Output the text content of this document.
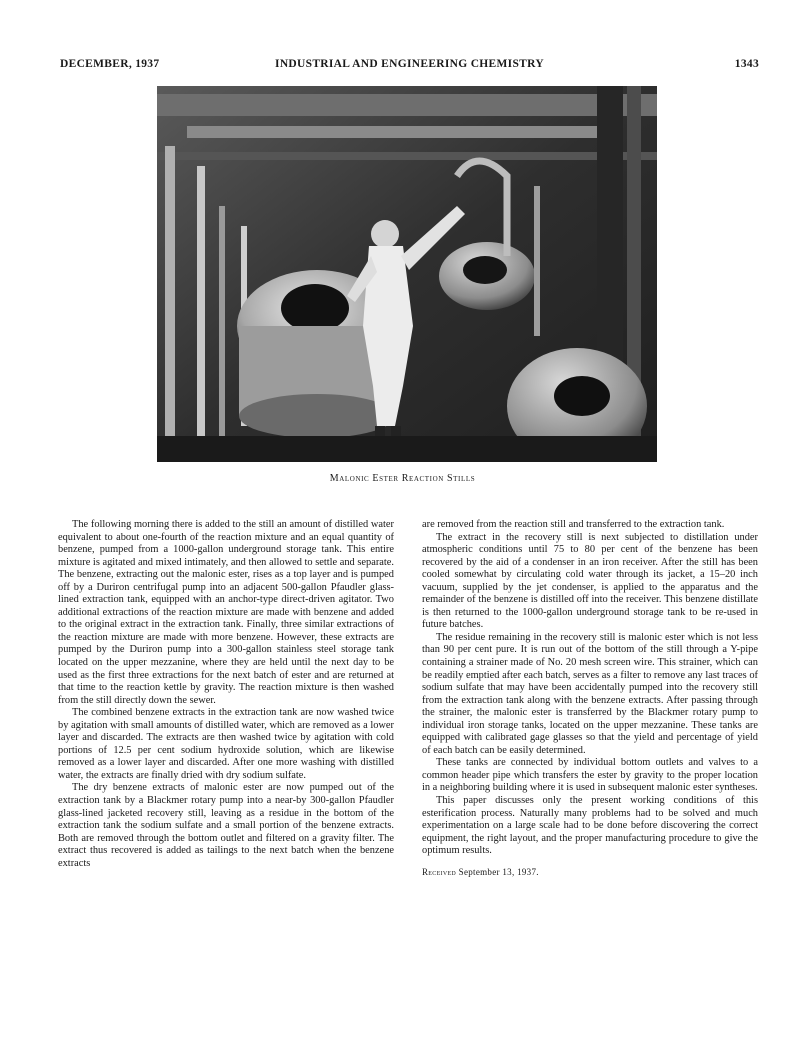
DECEMBER, 1937	INDUSTRIAL AND ENGINEERING CHEMISTRY	1343
Malonic Ester Reaction Stills

The following morning there is added to the still an amount of distilled water equivalent to about one-fourth of the reaction mixture and an equal quantity of benzene, pumped from a 1000-gallon underground storage tank. This entire mixture is agitated and mixed intimately, and then allowed to settle and separate. The benzene, extracting out the malonic ester, rises as a top layer and is pumped off by a Duriron centrifugal pump into an adjacent 500-gallon Pfaudler glass-lined extraction tank, equipped with an anchor-type direct-driven agitator. Two additional extractions of the reaction mixture are made with benzene and added to the original extract in the extraction tank. Finally, three similar extractions of the reaction mixture are made with more benzene. However, these extracts are pumped by the Duriron pump into a 300-gallon stainless steel storage tank located on the upper mezzanine, where they are held until the next day to be used as the first three extractions for the next batch of ester and are returned at that time to the reaction kettle by gravity. The reaction mixture is then washed from the still directly down the sewer.

The combined benzene extracts in the extraction tank are now washed twice by agitation with small amounts of distilled water, which are removed as a lower layer and discarded. The extracts are then washed twice by agitation with cold portions of 12.5 per cent sodium hydroxide solution, which are likewise removed as a lower layer and discarded. After one more washing with distilled water, the extracts are finally dried with dry sodium sulfate.

The dry benzene extracts of malonic ester are now pumped out of the extraction tank by a Blackmer rotary pump into a near-by 300-gallon Pfaudler glass-lined jacketed recovery still, leaving as a residue in the bottom of the extraction tank the sodium sulfate and a small portion of the benzene extracts. Both are removed through the bottom outlet and filtered on a gravity filter. The extract thus recovered is added as tailings to the next batch when the benzene extracts

are removed from the reaction still and transferred to the extraction tank.

The extract in the recovery still is next subjected to distillation under atmospheric conditions until 75 to 80 per cent of the benzene has been recovered by the aid of a condenser in an iron receiver. After the still has been cooled somewhat by circulating cold water through its jacket, a 15–20 inch vacuum, supplied by the jet condenser, is applied to the apparatus and the remainder of the benzene is distilled off into the receiver. This benzene distillate is then returned to the 1000-gallon underground storage tank to be re-used in future batches.

The residue remaining in the recovery still is malonic ester which is not less than 90 per cent pure. It is run out of the bottom of the still through a Y-pipe containing a strainer made of No. 20 mesh screen wire. This strainer, which can be readily emptied after each batch, serves as a filter to remove any last traces of sodium sulfate that may have been accidentally pumped into the recovery still from the extraction tank along with the benzene extracts. After passing through the strainer, the malonic ester is transferred by the Blackmer rotary pump to individual iron storage tanks, located on the upper mezzanine. These tanks are equipped with calibrated gage glasses so that the yield and percentage of yield of each batch can be easily determined.

These tanks are connected by individual bottom outlets and valves to a common header pipe which transfers the ester by gravity to the proper location in a neighboring building where it is used in subsequent malonic ester syntheses.

This paper discusses only the present working conditions of this esterification process. Naturally many problems had to be solved and much experimentation on a large scale had to be done before discovering the correct equipment, the right layout, and the proper manufacturing procedure to give the optimum results.

Received September 13, 1937.
